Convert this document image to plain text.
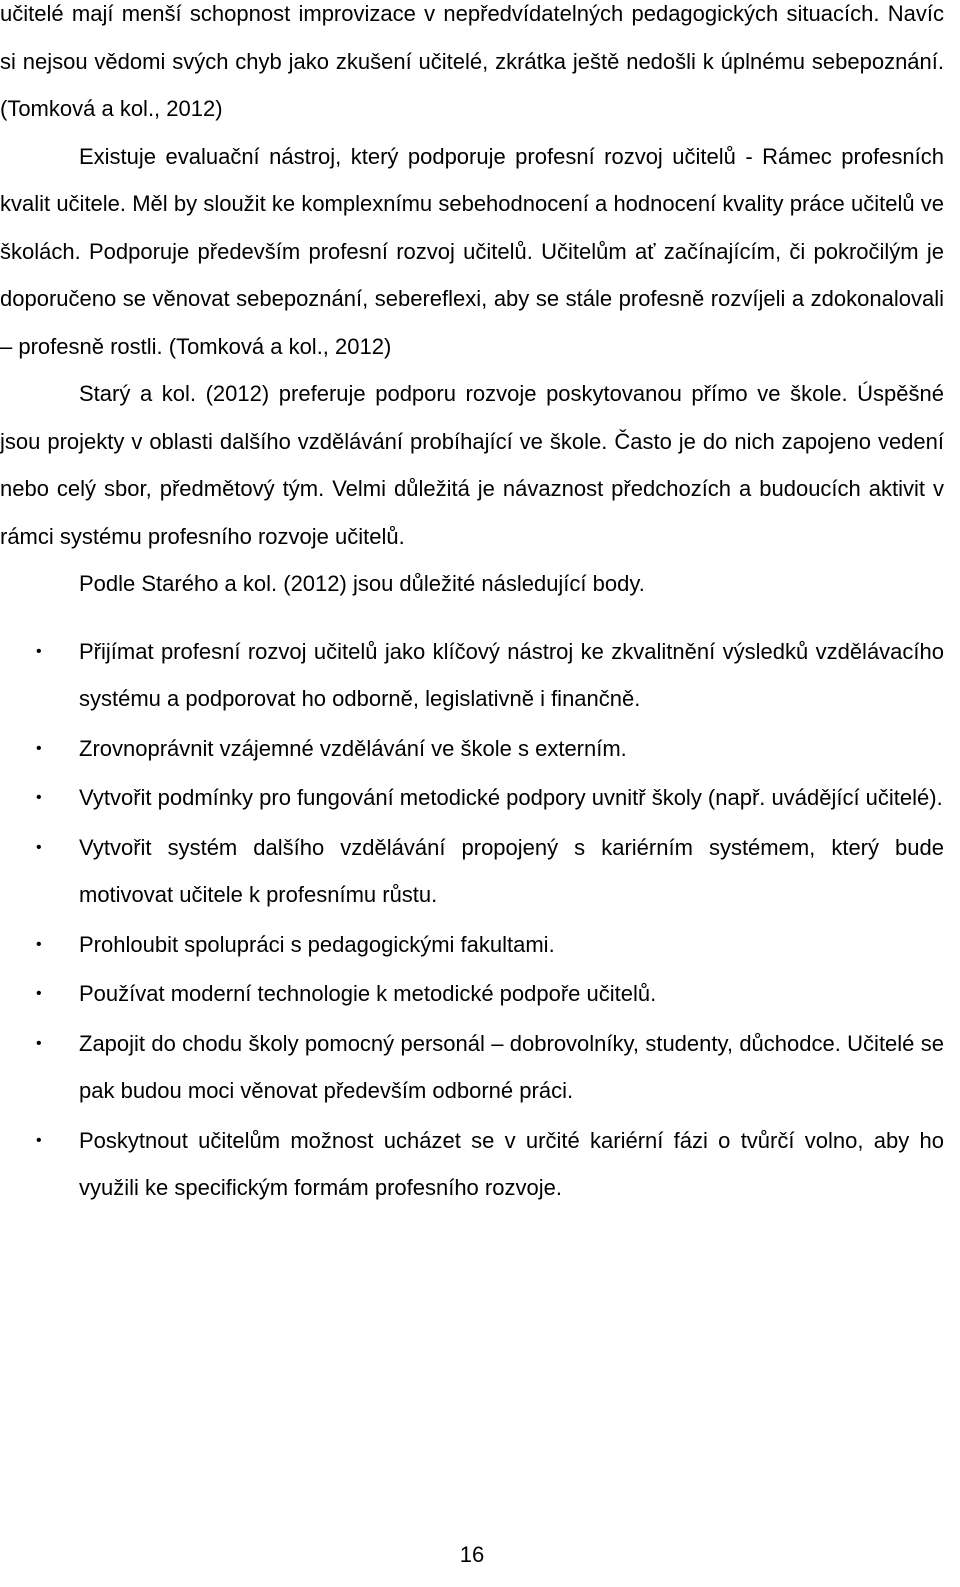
učitelé mají menší schopnost improvizace v nepředvídatelných pedagogických situacích. Navíc si nejsou vědomi svých chyb jako zkušení učitelé, zkrátka ještě nedošli k úplnému sebepoznání. (Tomková a kol., 2012)

Existuje evaluační nástroj, který podporuje profesní rozvoj učitelů - Rámec profesních kvalit učitele. Měl by sloužit ke komplexnímu sebehodnocení a hodnocení kvality práce učitelů ve školách. Podporuje především profesní rozvoj učitelů. Učitelům ať začínajícím, či pokročilým je doporučeno se věnovat sebepoznání, sebereflexi, aby se stále profesně rozvíjeli a zdokonalovali – profesně rostli. (Tomková a kol., 2012)

Starý a kol. (2012) preferuje podporu rozvoje poskytovanou přímo ve škole. Úspěšné jsou projekty v oblasti dalšího vzdělávání probíhající ve škole. Často je do nich zapojeno vedení nebo celý sbor, předmětový tým. Velmi důležitá je návaznost předchozích a budoucích aktivit v rámci systému profesního rozvoje učitelů.

Podle Starého a kol. (2012) jsou důležité následující body.

• Přijímat profesní rozvoj učitelů jako klíčový nástroj ke zkvalitnění výsledků vzdělávacího systému a podporovat ho odborně, legislativně i finančně.
• Zrovnoprávnit vzájemné vzdělávání ve škole s externím.
• Vytvořit podmínky pro fungování metodické podpory uvnitř školy (např. uvádějící učitelé).
• Vytvořit systém dalšího vzdělávání propojený s kariérním systémem, který bude motivovat učitele k profesnímu růstu.
• Prohloubit spolupráci s pedagogickými fakultami.
• Používat moderní technologie k metodické podpoře učitelů.
• Zapojit do chodu školy pomocný personál – dobrovolníky, studenty, důchodce. Učitelé se pak budou moci věnovat především odborné práci.
• Poskytnout učitelům možnost ucházet se v určité kariérní fázi o tvůrčí volno, aby ho využili ke specifickým formám profesního rozvoje.
16
